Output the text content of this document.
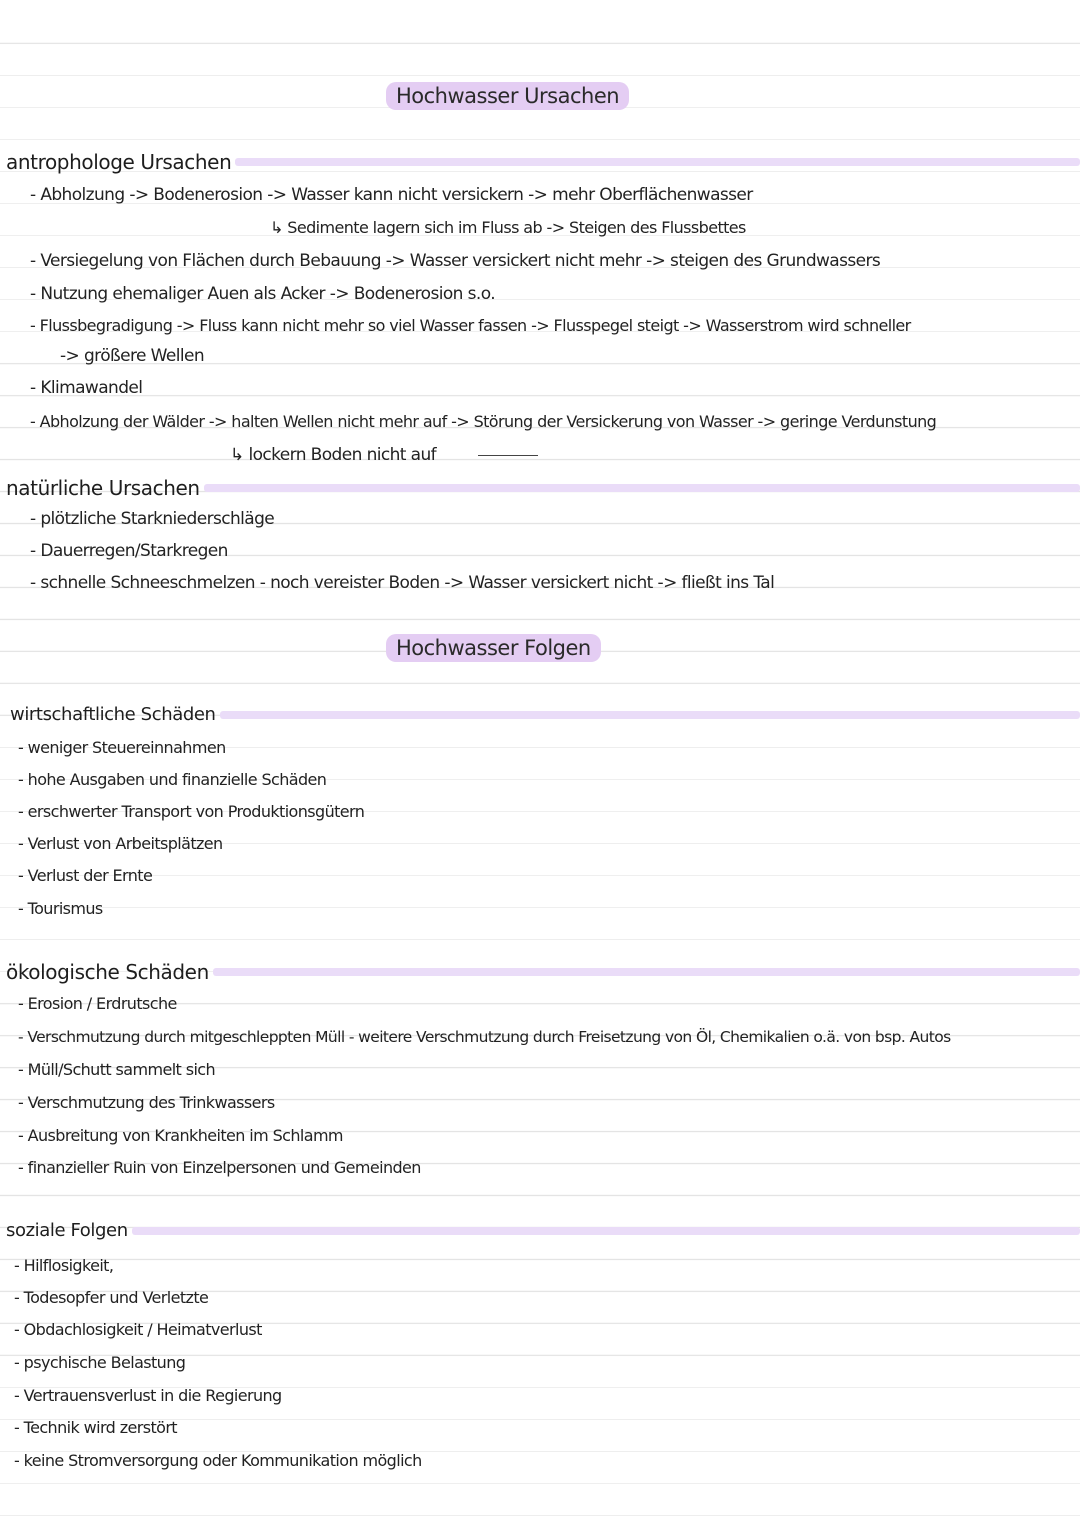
Hochwasser Ursachen
antrophologe Ursachen
- Abholzung -> Bodenerosion -> Wasser kann nicht versickern -> mehr Oberflächenwasser
↳ Sedimente lagern sich im Fluss ab -> Steigen des Flussbettes
- Versiegelung von Flächen durch Bebauung -> Wasser versickert nicht mehr -> steigen des Grundwassers
- Nutzung ehemaliger Auen als Acker -> Bodenerosion s.o.
- Flussbegradigung -> Fluss kann nicht mehr so viel Wasser fassen -> Flusspegel steigt -> Wasserstrom wird schneller
-> größere Wellen
- Klimawandel
- Abholzung der Wälder -> halten Wellen nicht mehr auf -> Störung der Versickerung von Wasser -> geringe Verdunstung
↳ lockern Boden nicht auf
natürliche Ursachen
- plötzliche Starkniederschläge
- Dauerregen/Starkregen
- schnelle Schneeschmelzen - noch vereister Boden -> Wasser versickert nicht -> fließt ins Tal
Hochwasser Folgen
wirtschaftliche Schäden
- weniger Steuereinnahmen
- hohe Ausgaben und finanzielle Schäden
- erschwerter Transport von Produktionsgütern
- Verlust von Arbeitsplätzen
- Verlust der Ernte
- Tourismus
ökologische Schäden
- Erosion / Erdrutsche
- Verschmutzung durch mitgeschleppten Müll - weitere Verschmutzung durch Freisetzung von Öl, Chemikalien o.ä. von bsp. Autos
- Müll/Schutt sammelt sich
- Verschmutzung des Trinkwassers
- Ausbreitung von Krankheiten im Schlamm
- finanzieller Ruin von Einzelpersonen und Gemeinden
soziale Folgen
- Hilflosigkeit,
- Todesopfer und Verletzte
- Obdachlosigkeit / Heimatverlust
- psychische Belastung
- Vertrauensverlust in die Regierung
- Technik wird zerstört
- keine Stromversorgung oder Kommunikation möglich
